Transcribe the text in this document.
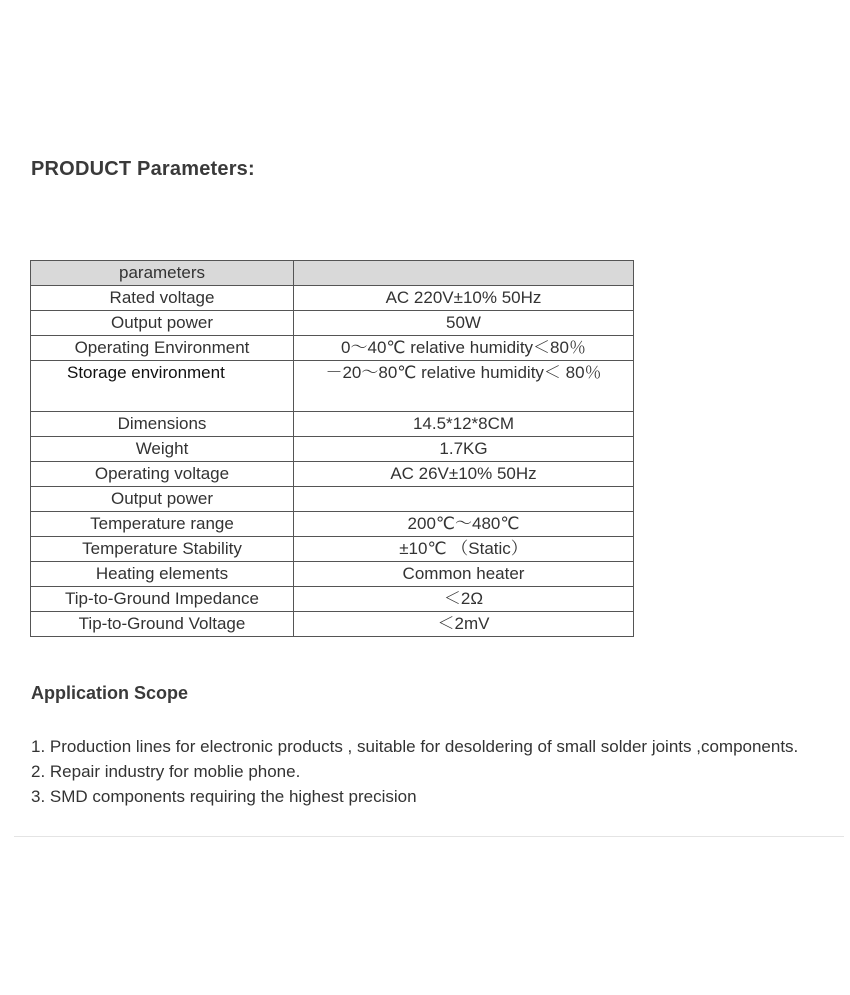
PRODUCT Parameters:
parameters	
Rated voltage	AC 220V±10% 50Hz
Output power	50W
Operating Environment	0～40℃ relative humidity＜80％
Storage environment	－20～80℃ relative humidity＜ 80％
Dimensions	14.5*12*8CM
Weight	1.7KG
Operating voltage	AC 26V±10% 50Hz
Output power	
Temperature range	200℃～480℃
Temperature Stability	±10℃ （Static）
Heating elements	Common heater
Tip-to-Ground Impedance	＜2Ω
Tip-to-Ground Voltage	＜2mV
Application Scope
1. Production lines for electronic products , suitable for desoldering of small solder joints ,components.
2. Repair industry for moblie phone.
3. SMD components requiring the highest precision
